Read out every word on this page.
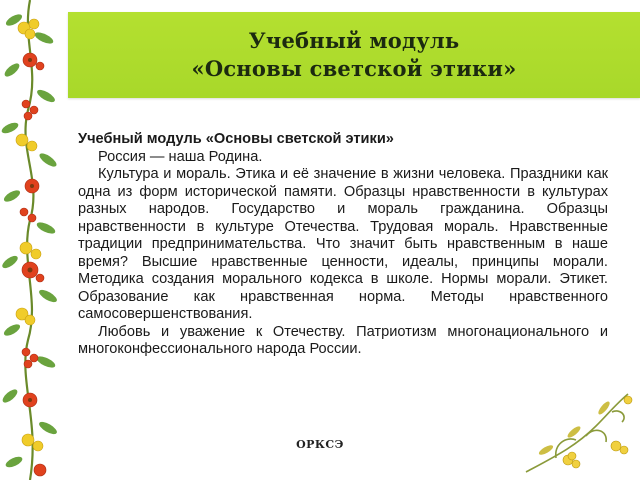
Учебный модуль
«Основы светской этики»

Учебный модуль «Основы светской этики»

Россия — наша Родина.

Культура и мораль. Этика и её значение в жизни человека. Праздники как одна из форм исторической памяти. Образцы нравственности в культурах разных народов. Государство и мораль гражданина. Образцы нравственности в культуре Отечества. Трудовая мораль. Нравственные традиции предпринимательства. Что значит быть нравственным в наше время? Высшие нравственные ценности, идеалы, принципы морали. Методика создания морального кодекса в школе. Нормы морали. Этикет. Образование как нравственная норма. Методы нравственного самосовершенствования.

Любовь и уважение к Отечеству. Патриотизм многонационального и многоконфессионального народа России.

ОРКСЭ
